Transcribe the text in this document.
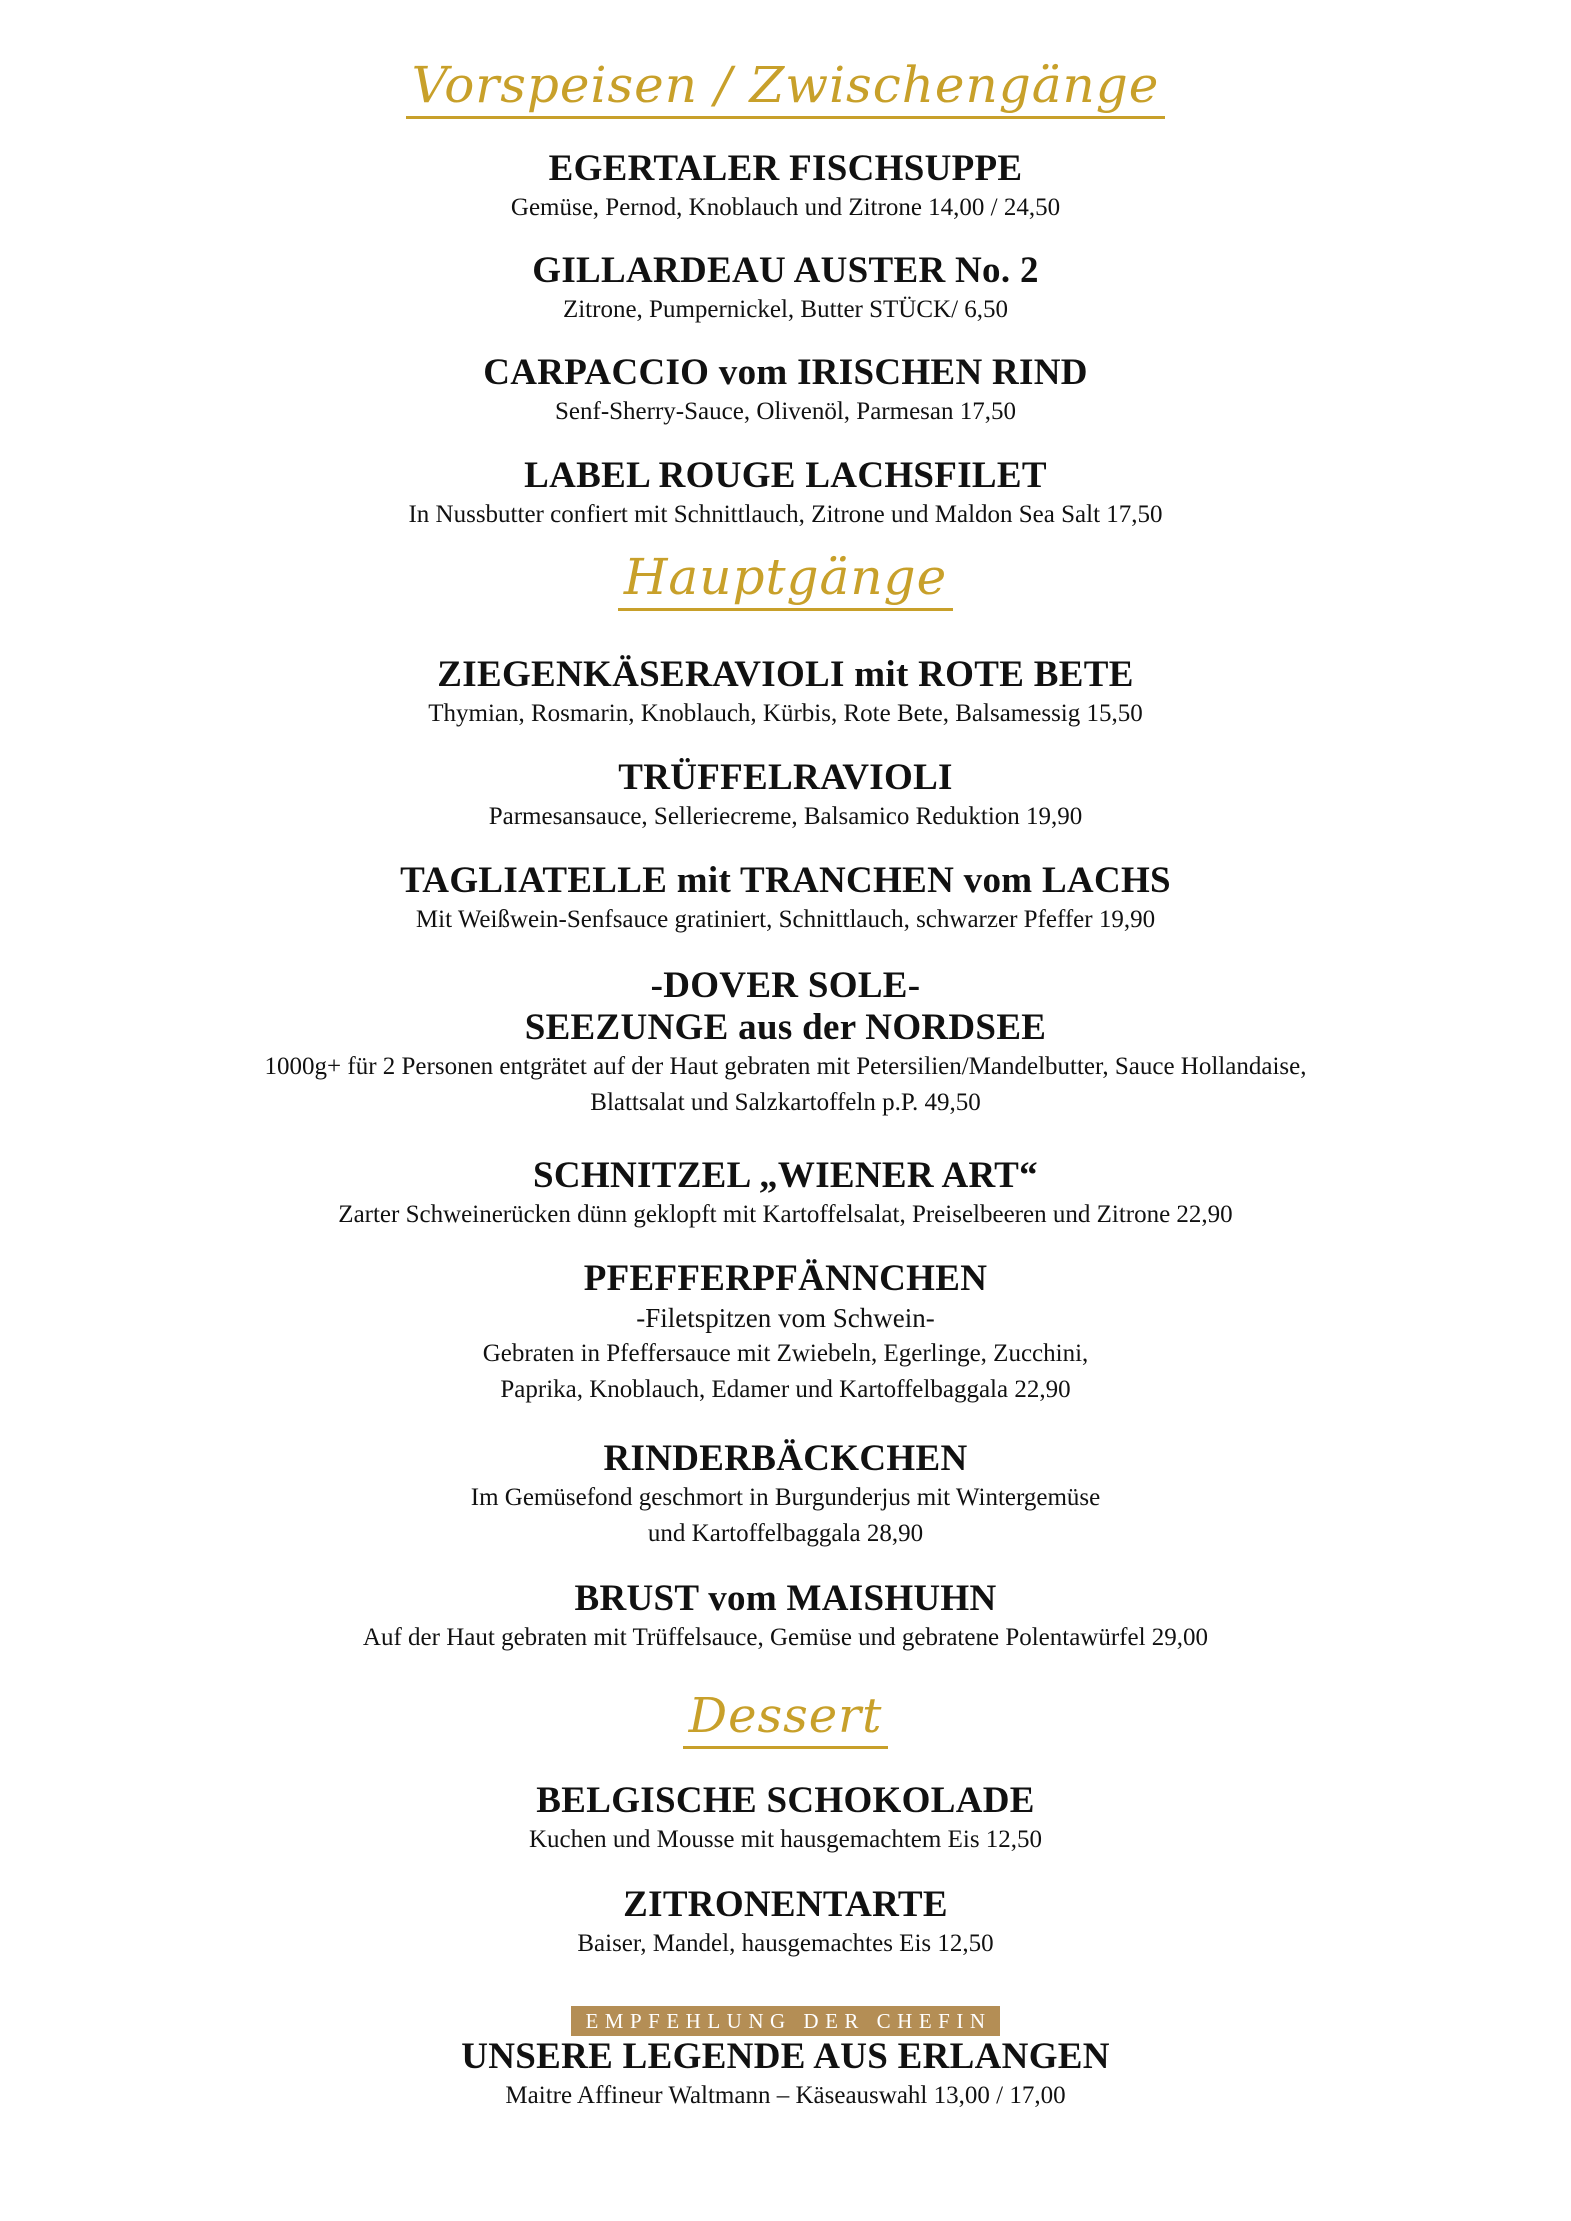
Vorspeisen / Zwischengänge
EGERTALER FISCHSUPPE
Gemüse, Pernod, Knoblauch und Zitrone 14,00 / 24,50
GILLARDEAU AUSTER No. 2
Zitrone, Pumpernickel, Butter STÜCK/ 6,50
CARPACCIO vom IRISCHEN RIND
Senf-Sherry-Sauce, Olivenöl, Parmesan 17,50
LABEL ROUGE LACHSFILET
In Nussbutter confiert mit Schnittlauch, Zitrone und Maldon Sea Salt 17,50
Hauptgänge
ZIEGENKÄSERAVIOLI mit ROTE BETE
Thymian, Rosmarin, Knoblauch, Kürbis, Rote Bete, Balsamessig 15,50
TRÜFFELRAVIOLI
Parmesansauce, Selleriecreme, Balsamico Reduktion 19,90
TAGLIATELLE mit TRANCHEN vom LACHS
Mit Weißwein-Senfsauce gratiniert, Schnittlauch, schwarzer Pfeffer 19,90
-DOVER SOLE-
SEEZUNGE aus der NORDSEE
1000g+ für 2 Personen entgrätet auf der Haut gebraten mit Petersilien/Mandelbutter, Sauce Hollandaise,
Blattsalat und Salzkartoffeln p.P. 49,50
SCHNITZEL „WIENER ART“
Zarter Schweinerücken dünn geklopft mit Kartoffelsalat, Preiselbeeren und Zitrone 22,90
PFEFFERPFÄNNCHEN
-Filetspitzen vom Schwein-
Gebraten in Pfeffersauce mit Zwiebeln, Egerlinge, Zucchini,
Paprika, Knoblauch, Edamer und Kartoffelbaggala 22,90
RINDERBÄCKCHEN
Im Gemüsefond geschmort in Burgunderjus mit Wintergemüse
und Kartoffelbaggala 28,90
BRUST vom MAISHUHN
Auf der Haut gebraten mit Trüffelsauce, Gemüse und gebratene Polentawürfel 29,00
Dessert
BELGISCHE SCHOKOLADE
Kuchen und Mousse mit hausgemachtem Eis 12,50
ZITRONENTARTE
Baiser, Mandel, hausgemachtes Eis 12,50
EMPFEHLUNG DER CHEFIN
UNSERE LEGENDE AUS ERLANGEN
Maitre Affineur Waltmann – Käseauswahl 13,00 / 17,00
